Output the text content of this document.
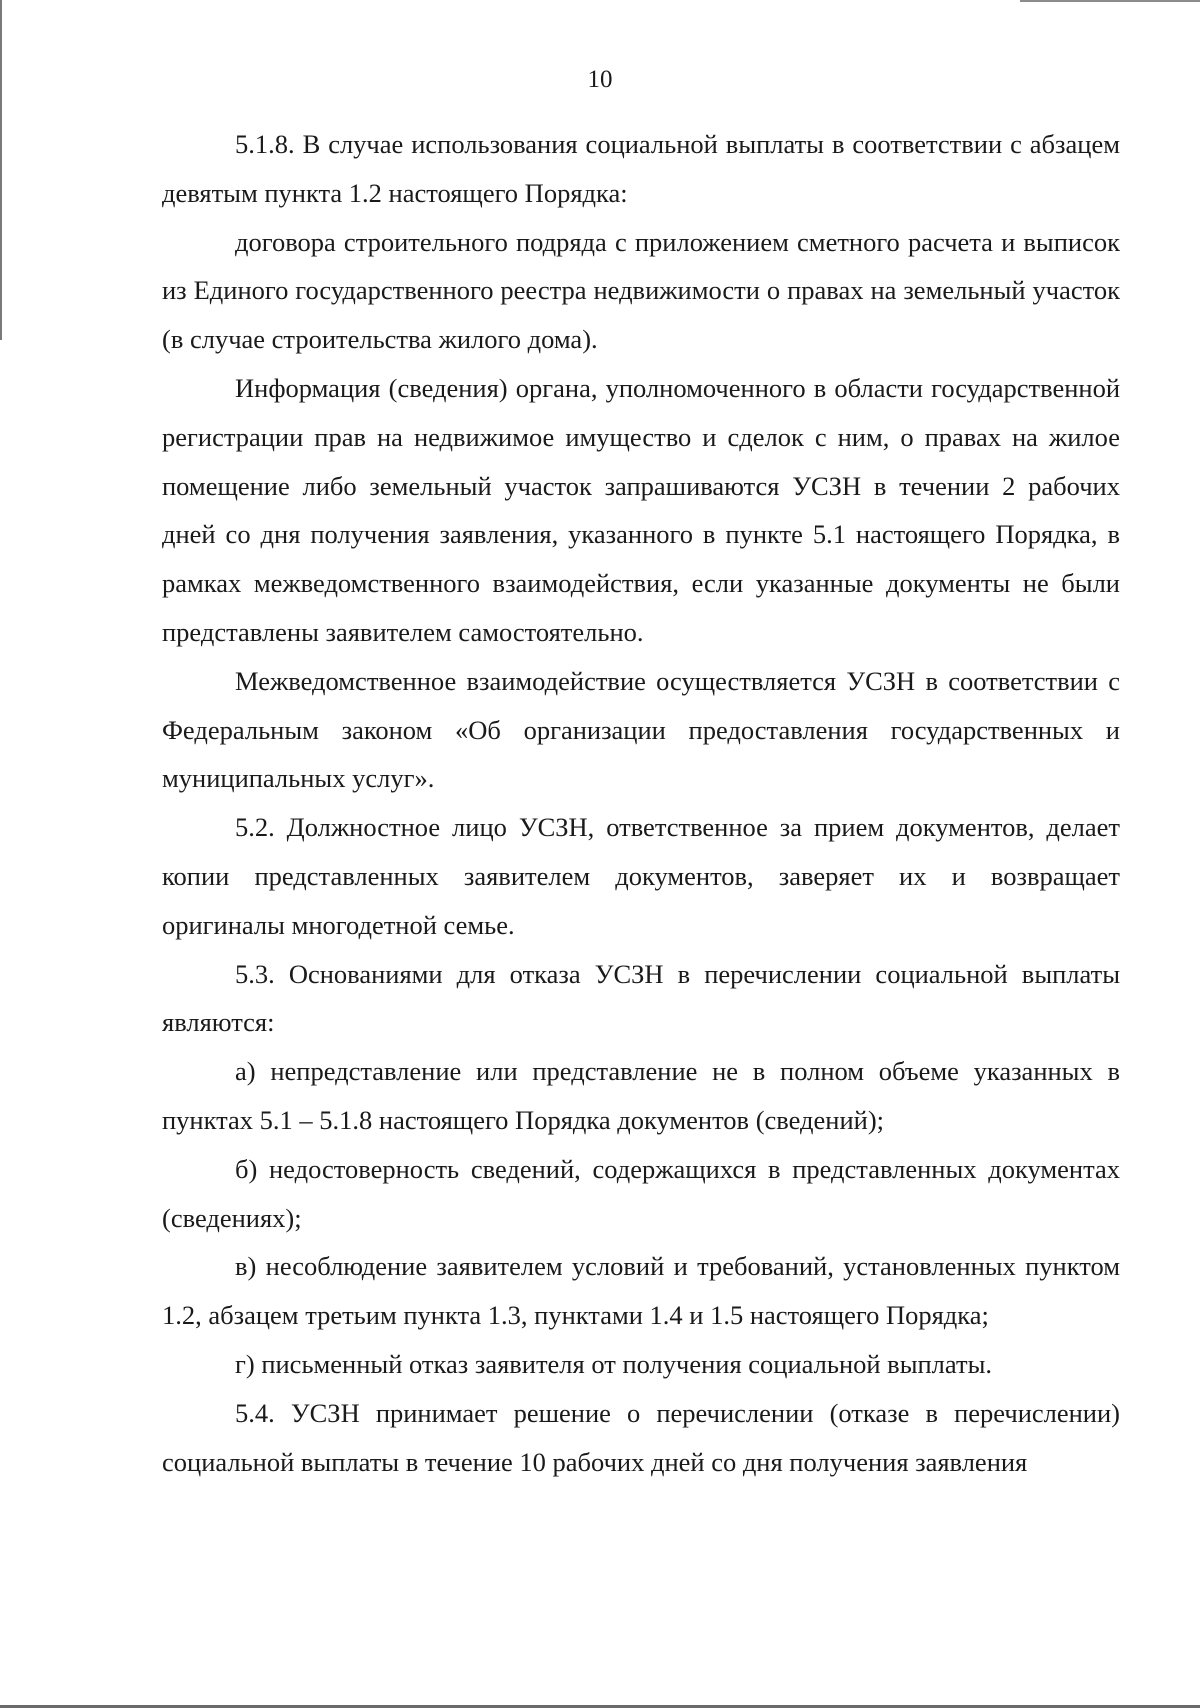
10

5.1.8. В случае использования социальной выплаты в соответствии с абзацем девятым пункта 1.2 настоящего Порядка:

договора строительного подряда с приложением сметного расчета и выписок из Единого государственного реестра недвижимости о правах на земельный участок (в случае строительства жилого дома).

Информация (сведения) органа, уполномоченного в области государственной регистрации прав на недвижимое имущество и сделок с ним, о правах на жилое помещение либо земельный участок запрашиваются УСЗН в течении 2 рабочих дней со дня получения заявления, указанного в пункте 5.1 настоящего Порядка, в рамках межведомственного взаимодействия, если указанные документы не были представлены заявителем самостоятельно.

Межведомственное взаимодействие осуществляется УСЗН в соответствии с Федеральным законом «Об организации предоставления государственных и муниципальных услуг».

5.2. Должностное лицо УСЗН, ответственное за прием документов, делает копии представленных заявителем документов, заверяет их и возвращает оригиналы многодетной семье.

5.3. Основаниями для отказа УСЗН в перечислении социальной выплаты являются:

а) непредставление или представление не в полном объеме указанных в пунктах 5.1 – 5.1.8 настоящего Порядка документов (сведений);

б) недостоверность сведений, содержащихся в представленных документах (сведениях);

в) несоблюдение заявителем условий и требований, установленных пунктом 1.2, абзацем третьим пункта 1.3, пунктами 1.4 и 1.5 настоящего Порядка;

г) письменный отказ заявителя от получения социальной выплаты.

5.4. УСЗН принимает решение о перечислении (отказе в перечислении) социальной выплаты в течение 10 рабочих дней со дня получения заявления
